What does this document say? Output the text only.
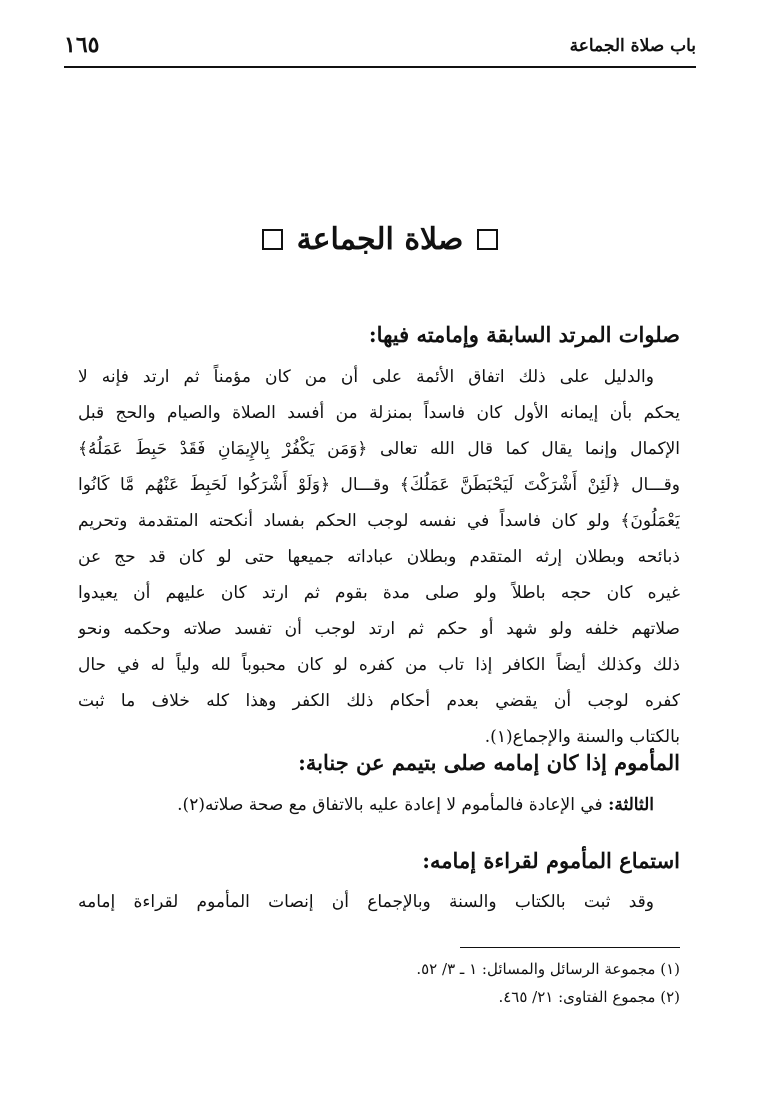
باب صلاة الجماعة
١٦٥
صلاة الجماعة
صلوات المرتد السابقة وإمامته فيها:
والدليل على ذلك اتفاق الأئمة على أن من كان مؤمناً ثم ارتد فإنه لا
يحكم بأن إيمانه الأول كان فاسداً بمنزلة من أفسد الصلاة والصيام والحج قبل
الإكمال وإنما يقال كما قال الله تعالى ﴿وَمَن يَكْفُرْ بِالإِيمَانِ فَقَدْ حَبِطَ عَمَلُهُ﴾
وقـــال ﴿لَئِنْ أَشْرَكْتَ لَيَحْبَطَنَّ عَمَلُكَ﴾ وقـــال ﴿وَلَوْ أَشْرَكُوا لَحَبِطَ عَنْهُم مَّا كَانُوا
يَعْمَلُونَ﴾ ولو كان فاسداً في نفسه لوجب الحكم بفساد أنكحته المتقدمة وتحريم
ذبائحه وبطلان إرثه المتقدم وبطلان عباداته جميعها حتى لو كان قد حج عن
غيره كان حجه باطلاً ولو صلى مدة بقوم ثم ارتد كان عليهم أن يعيدوا
صلاتهم خلفه ولو شهد أو حكم ثم ارتد لوجب أن تفسد صلاته وحكمه ونحو
ذلك وكذلك أيضاً الكافر إذا تاب من كفره لو كان محبوباً لله ولياً له في حال
كفره لوجب أن يقضي بعدم أحكام ذلك الكفر وهذا كله خلاف ما ثبت
بالكتاب والسنة والإجماع(١).
المأموم إذا كان إمامه صلى بتيمم عن جنابة:
الثالثة: في الإعادة فالمأموم لا إعادة عليه بالاتفاق مع صحة صلاته(٢).
استماع المأموم لقراءة إمامه:
وقد ثبت بالكتاب والسنة وبالإجماع أن إنصات المأموم لقراءة إمامه
(١) مجموعة الرسائل والمسائل: ١ ـ ٣/ ٥٢.
(٢) مجموع الفتاوى: ٢١/ ٤٦٥.
